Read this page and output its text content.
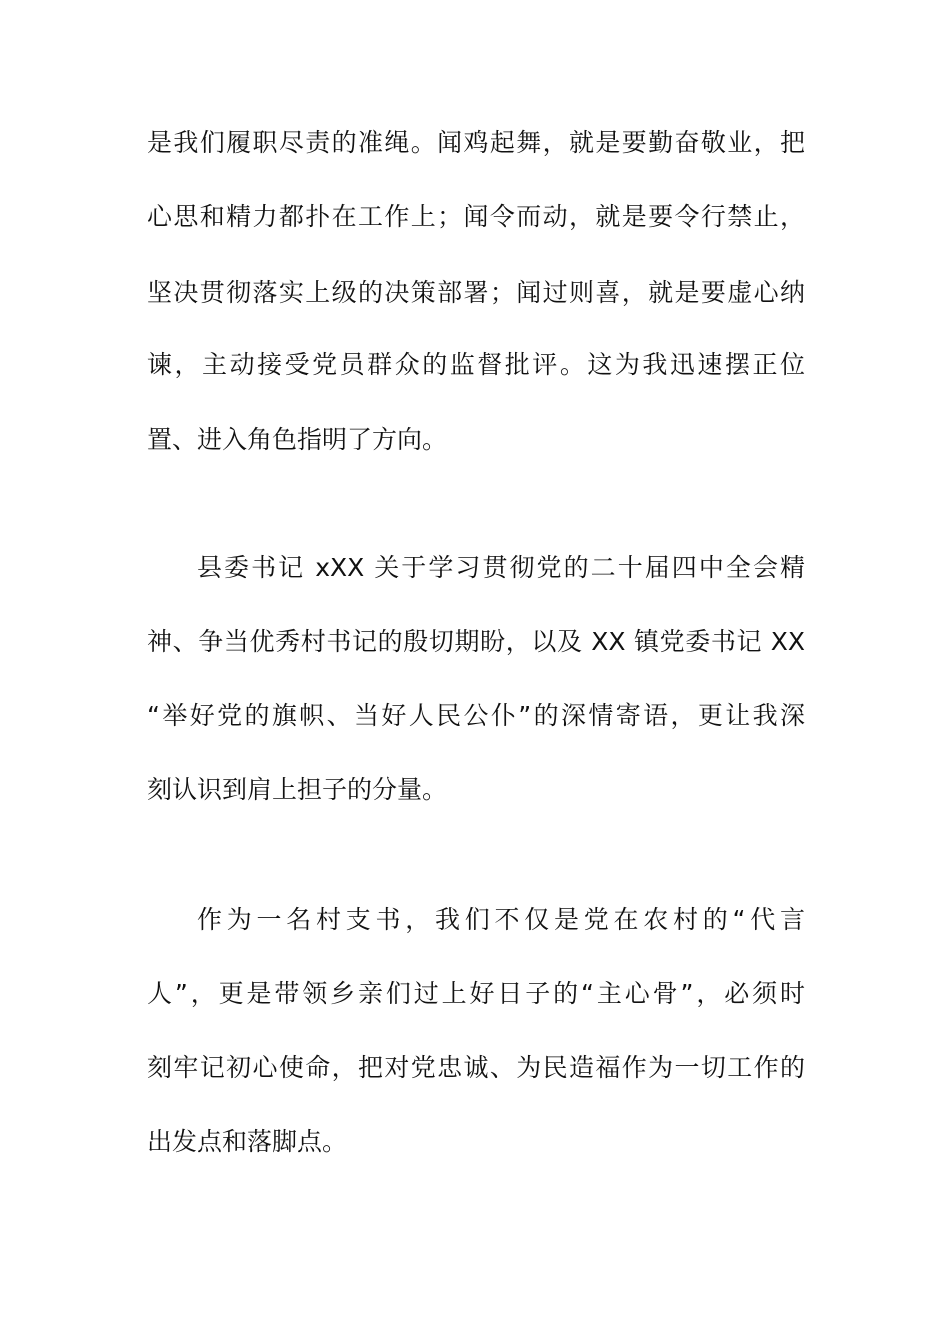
是我们履职尽责的准绳。闻鸡起舞，就是要勤奋敬业，把
心思和精力都扑在工作上；闻令而动，就是要令行禁止，
坚决贯彻落实上级的决策部署；闻过则喜，就是要虚心纳
谏，主动接受党员群众的监督批评。这为我迅速摆正位
置、进入角色指明了方向。
县委书记 xXX 关于学习贯彻党的二十届四中全会精
神、争当优秀村书记的殷切期盼，以及 XX 镇党委书记 XX
“举好党的旗帜、当好人民公仆”的深情寄语，更让我深
刻认识到肩上担子的分量。
作为一名村支书，我们不仅是党在农村的“代言
人”，更是带领乡亲们过上好日子的“主心骨”，必须时
刻牢记初心使命，把对党忠诚、为民造福作为一切工作的
出发点和落脚点。
